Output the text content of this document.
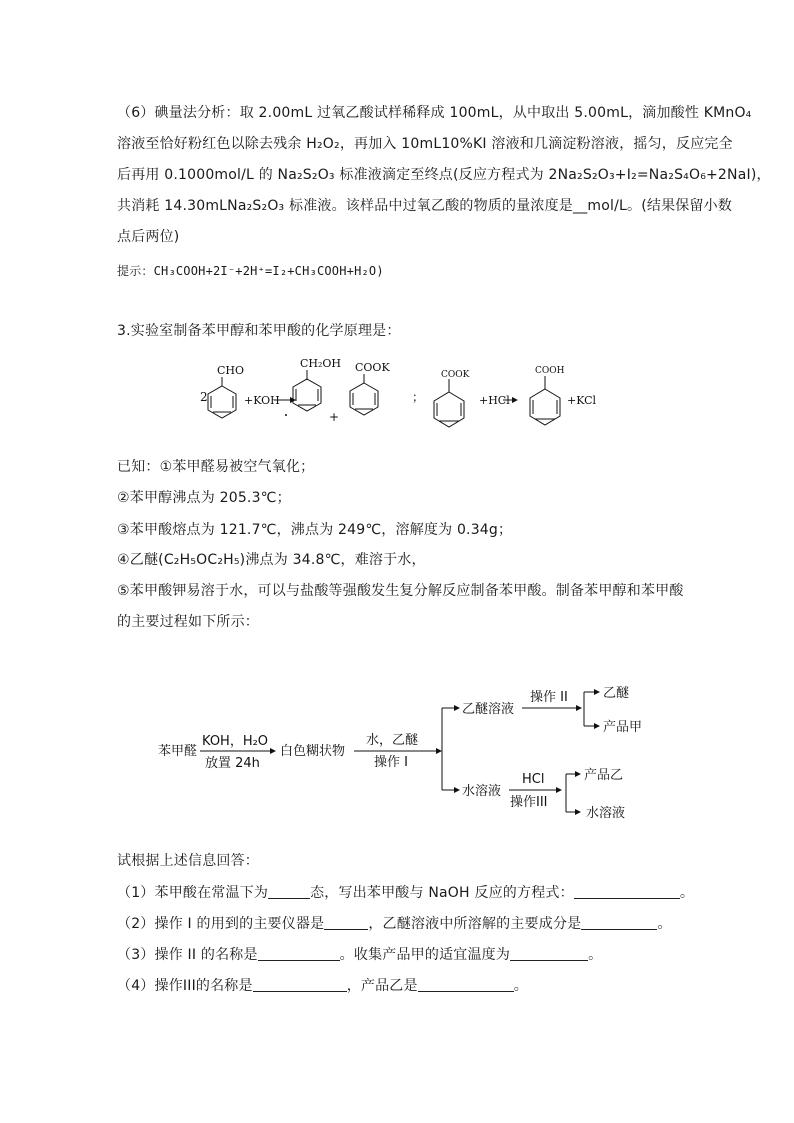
（6）碘量法分析：取 2.00mL 过氧乙酸试样稀释成 100mL，从中取出 5.00mL，滴加酸性 KMnO₄
溶液至恰好粉红色以除去残余 H₂O₂，再加入 10mL10%KI 溶液和几滴淀粉溶液，摇匀，反应完全
后再用 0.1000mol/L 的 Na₂S₂O₃ 标准液滴定至终点(反应方程式为 2Na₂S₂O₃+I₂=Na₂S₄O₆+2NaI)，
共消耗 14.30mLNa₂S₂O₃ 标准液。该样品中过氧乙酸的物质的量浓度是__mol/L。(结果保留小数
点后两位)
提示：CH₃COOH+2I⁻+2H⁺=I₂+CH₃COOH+H₂O)
3.实验室制备苯甲醇和苯甲酸的化学原理是：
2
CHO
+KOH
CH₂OH
+
COOK
；
COOK
+HCl
COOH
+KCl
已知：①苯甲醛易被空气氧化；
②苯甲醇沸点为 205.3℃；
③苯甲酸熔点为 121.7℃，沸点为 249℃，溶解度为 0.34g；
④乙醚(C₂H₅OC₂H₅)沸点为 34.8℃，难溶于水，
⑤苯甲酸钾易溶于水，可以与盐酸等强酸发生复分解反应制备苯甲酸。制备苯甲醇和苯甲酸
的主要过程如下所示：
苯甲醛
KOH，H₂O
放置 24h
白色糊状物
水，乙醚
操作 I
乙醚溶液
操作 II	乙醚
产品甲
水溶液
HCl
操作III
产品乙
水溶液
试根据上述信息回答：
（1）苯甲酸在常温下为	态，写出苯甲酸与 NaOH 反应的方程式：	。
（2）操作 I 的用到的主要仪器是	，乙醚溶液中所溶解的主要成分是	。
（3）操作 II 的名称是	。收集产品甲的适宜温度为	。
（4）操作III的名称是	，产品乙是	。
